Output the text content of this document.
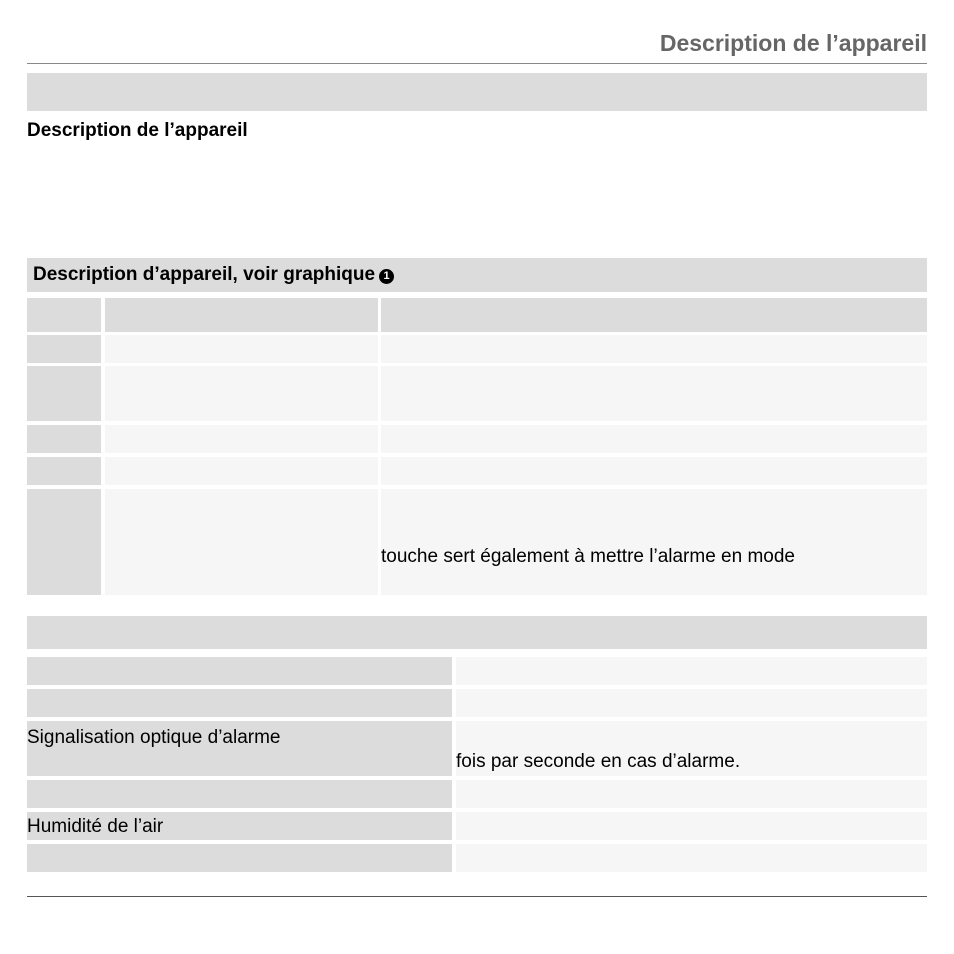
Description de l’appareil
Description de l’appareil
Description d’appareil, voir graphique 1
touche sert également à mettre l’alarme en mode
Signalisation optique d’alarme
fois par seconde en cas d’alarme.
Humidité de l’air
